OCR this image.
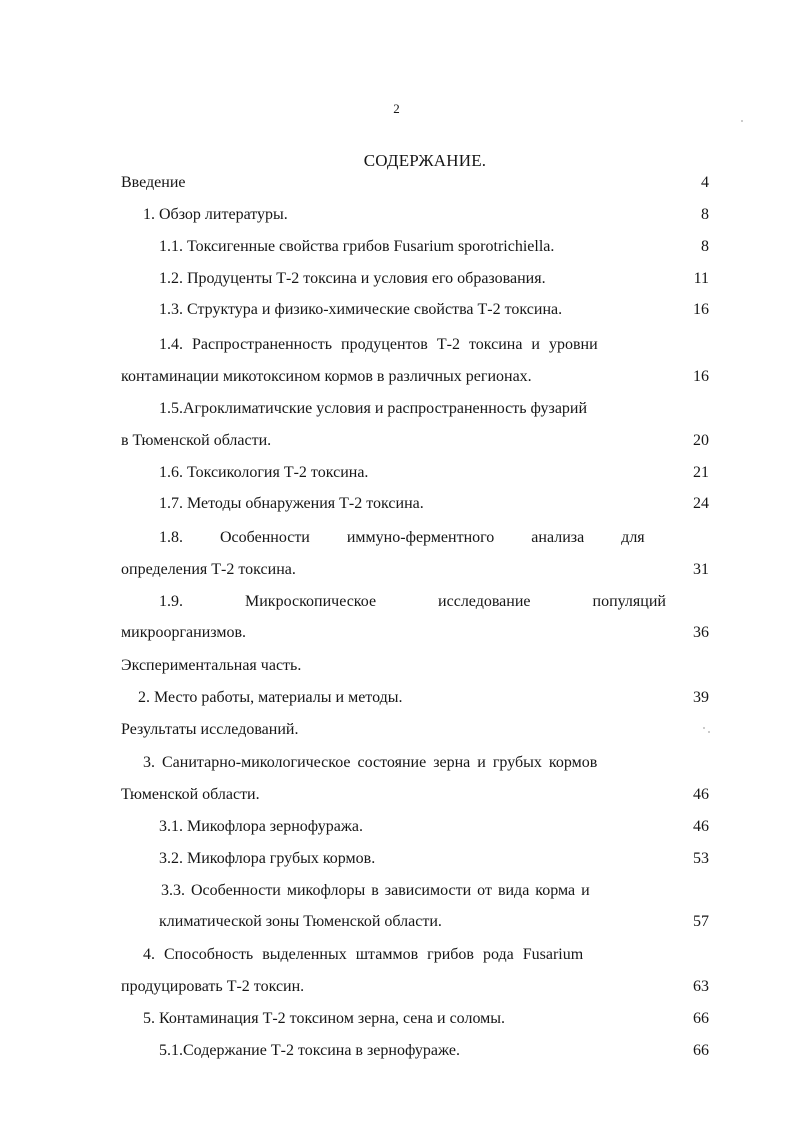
2
СОДЕРЖАНИЕ.
Введение	4
1. Обзор литературы.	8
1.1. Токсигенные свойства грибов Fusarium sporotrichiella.	8
1.2. Продуценты Т-2 токсина и условия его образования.	11
1.3. Структура и физико-химические свойства Т-2 токсина.	16
1.4. Распространенность продуцентов Т-2 токсина и уровни
контаминации микотоксином кормов в различных регионах.	16
1.5.Агроклиматичские условия и распространенность фузарий
в Тюменской области.	20
1.6. Токсикология Т-2 токсина.	21
1.7. Методы обнаружения Т-2 токсина.	24
1.8. Особенности иммуно-ферментного анализа для
определения Т-2 токсина.	31
1.9. Микроскопическое исследование популяций
микроорганизмов.	36
Экспериментальная часть.
2. Место работы, материалы и методы.	39
Результаты исследований.
3. Санитарно-микологическое состояние зерна и грубых кормов
Тюменской области.	46
3.1. Микофлора зернофуража.	46
3.2. Микофлора грубых кормов.	53
3.3. Особенности микофлоры в зависимости от вида корма и
климатической зоны Тюменской области.	57
4. Способность выделенных штаммов грибов рода Fusarium
продуцировать Т-2 токсин.	63
5. Контаминация Т-2 токсином зерна, сена и соломы.	66
5.1.Содержание Т-2 токсина в зернофураже.	66
